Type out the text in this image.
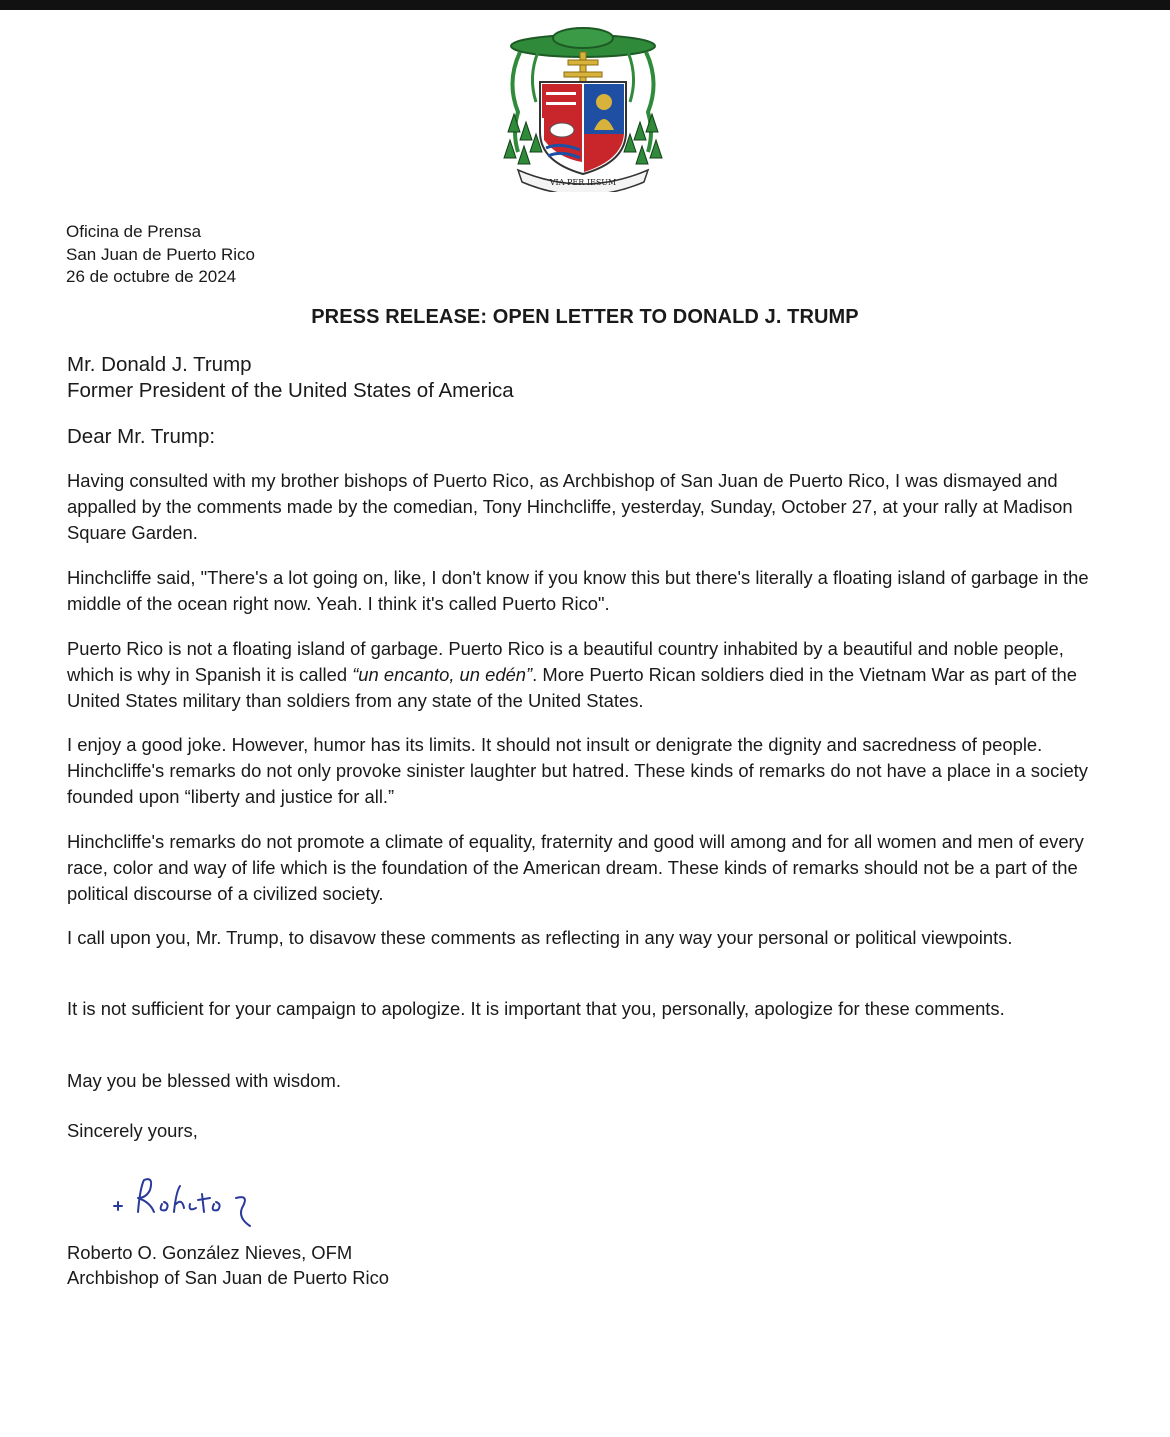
VIA PER IESUM
Oficina de Prensa
San Juan de Puerto Rico
26 de octubre de 2024
PRESS RELEASE: OPEN LETTER TO DONALD J. TRUMP
Mr. Donald J. Trump
Former President of the United States of America
Dear Mr. Trump:

Having consulted with my brother bishops of Puerto Rico, as Archbishop of San Juan de Puerto Rico, I was dismayed and appalled by the comments made by the comedian, Tony Hinchcliffe, yesterday, Sunday, October 27, at your rally at Madison Square Garden.

Hinchcliffe said, "There's a lot going on, like, I don't know if you know this but there's literally a floating island of garbage in the middle of the ocean right now. Yeah. I think it's called Puerto Rico".

Puerto Rico is not a floating island of garbage. Puerto Rico is a beautiful country inhabited by a beautiful and noble people, which is why in Spanish it is called “un encanto, un edén”. More Puerto Rican soldiers died in the Vietnam War as part of the United States military than soldiers from any state of the United States.

I enjoy a good joke. However, humor has its limits. It should not insult or denigrate the dignity and sacredness of people. Hinchcliffe's remarks do not only provoke sinister laughter but hatred. These kinds of remarks do not have a place in a society founded upon “liberty and justice for all.”

Hinchcliffe's remarks do not promote a climate of equality, fraternity and good will among and for all women and men of every race, color and way of life which is the foundation of the American dream. These kinds of remarks should not be a part of the political discourse of a civilized society.

I call upon you, Mr. Trump, to disavow these comments as reflecting in any way your personal or political viewpoints.

It is not sufficient for your campaign to apologize. It is important that you, personally, apologize for these comments.

May you be blessed with wisdom.

Sincerely yours,

Roberto O. González Nieves, OFM
Archbishop of San Juan de Puerto Rico
